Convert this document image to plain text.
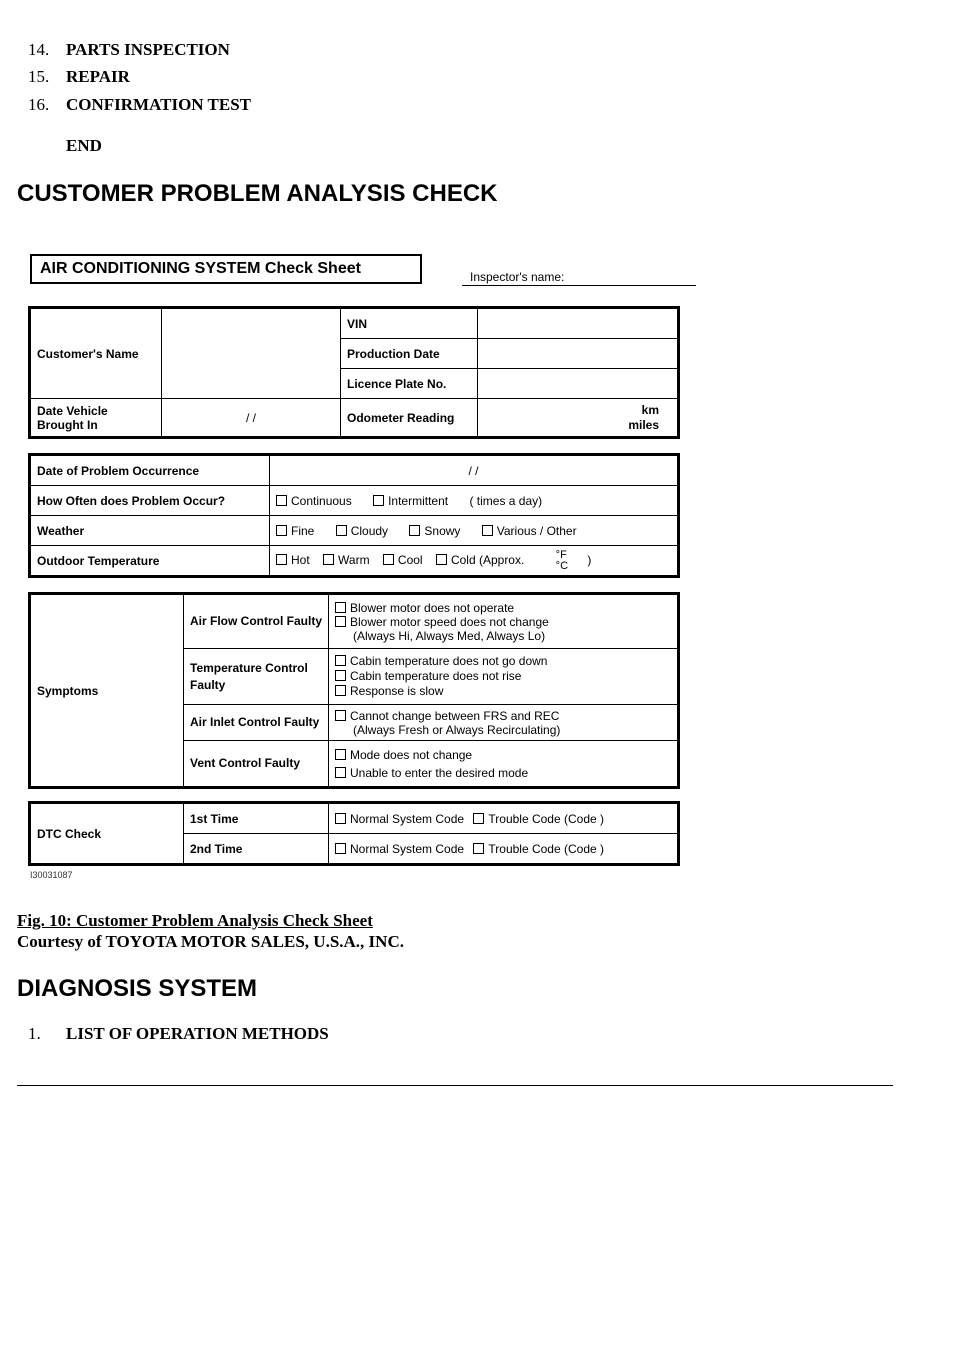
14. PARTS INSPECTION
15. REPAIR
16. CONFIRMATION TEST
END
CUSTOMER PROBLEM ANALYSIS CHECK
AIR CONDITIONING SYSTEM Check Sheet	Inspector's name:
Customer's Name		VIN	
		Production Date	
		Licence Plate No.	
Date Vehicle
Brought In	/ /	Odometer Reading	km
miles
Date of Problem Occurrence	/ /
How Often does Problem Occur?	Continuous Intermittent ( times a day)
Weather	Fine Cloudy Snowy Various / Other
Outdoor Temperature	Hot Warm Cool Cold (Approx. °F
°C )
Symptoms	Air Flow Control Faulty	Blower motor does not operate
Blower motor speed does not change
(Always Hi, Always Med, Always Lo)

	Temperature Control Faulty	Cabin temperature does not go down
Cabin temperature does not rise
Response is slow

	Air Inlet Control Faulty	Cannot change between FRS and REC
(Always Fresh or Always Recirculating)

	Vent Control Faulty	Mode does not change
Unable to enter the desired mode
DTC Check	1st Time	Normal System Code Trouble Code (Code )
	2nd Time	Normal System Code Trouble Code (Code )
I30031087
Fig. 10: Customer Problem Analysis Check Sheet
Courtesy of TOYOTA MOTOR SALES, U.S.A., INC.
DIAGNOSIS SYSTEM
1.	LIST OF OPERATION METHODS
